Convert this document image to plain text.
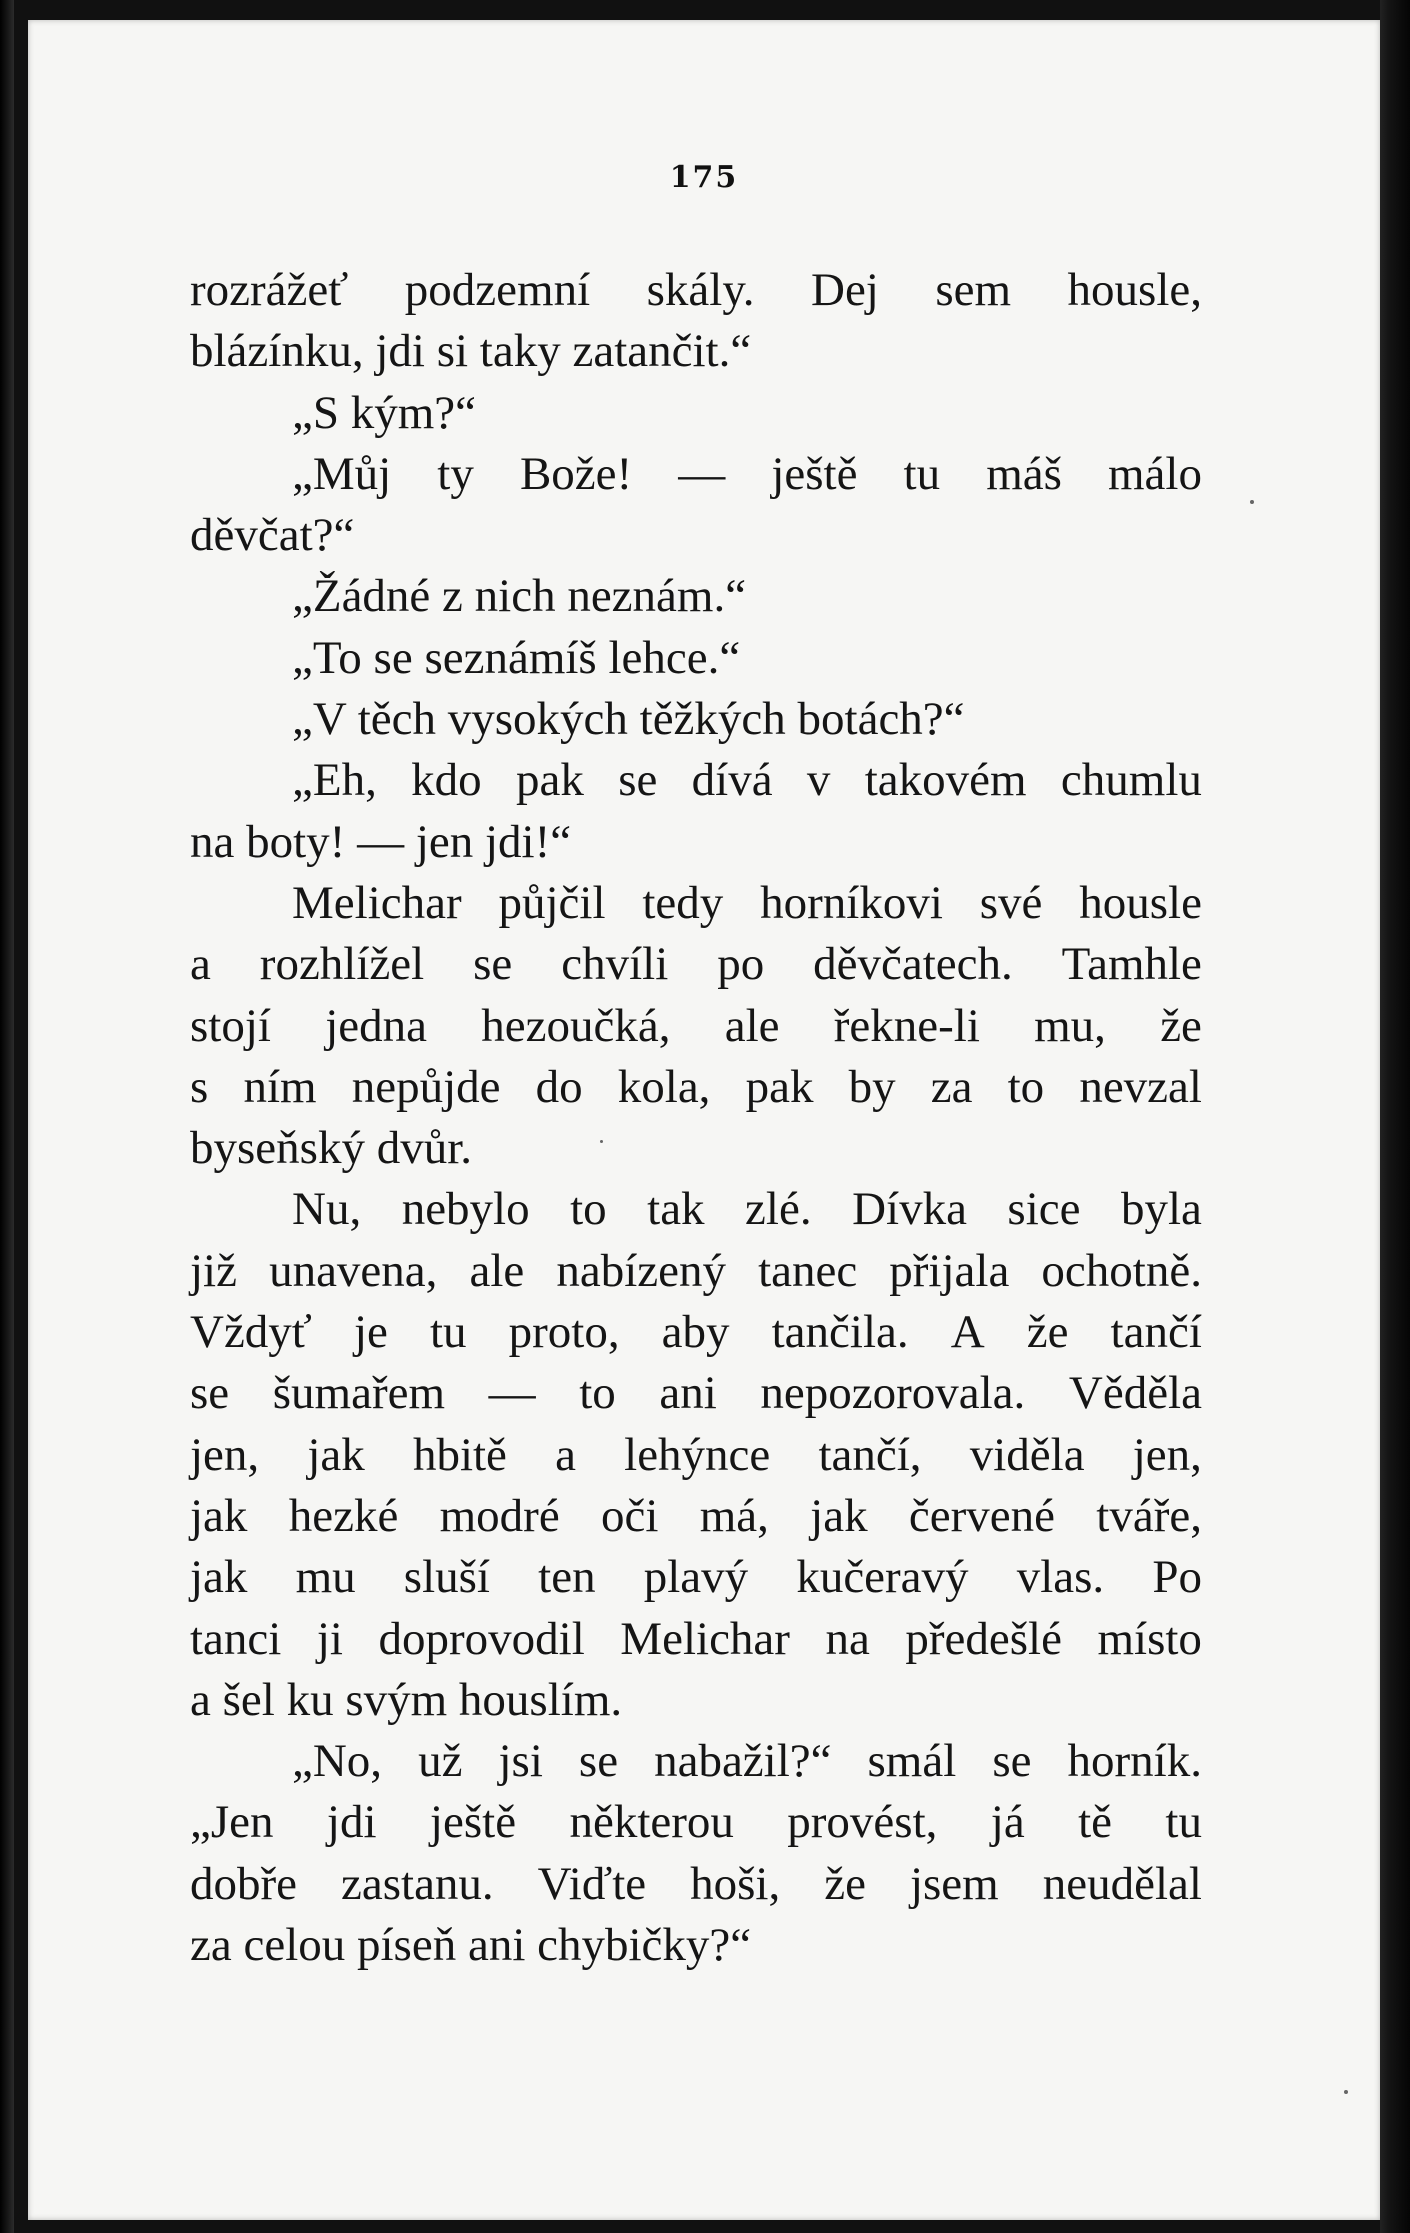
175
rozrážeť podzemní skály. Dej sem housle,
blázínku, jdi si taky zatančit.“
„S kým?“
„Můj ty Bože! — ještě tu máš málo
děvčat?“
„Žádné z nich neznám.“
„To se seznámíš lehce.“
„V těch vysokých těžkých botách?“
„Eh, kdo pak se dívá v takovém chumlu
na boty! — jen jdi!“
Melichar půjčil tedy horníkovi své housle
a rozhlížel se chvíli po děvčatech. Tamhle
stojí jedna hezoučká, ale řekne-li mu, že
s ním nepůjde do kola, pak by za to nevzal
byseňský dvůr.
Nu, nebylo to tak zlé. Dívka sice byla
již unavena, ale nabízený tanec přijala ochotně.
Vždyť je tu proto, aby tančila. A že tančí
se šumařem — to ani nepozorovala. Věděla
jen, jak hbitě a lehýnce tančí, viděla jen,
jak hezké modré oči má, jak červené tváře,
jak mu sluší ten plavý kučeravý vlas. Po
tanci ji doprovodil Melichar na předešlé místo
a šel ku svým houslím.
„No, už jsi se nabažil?“ smál se horník.
„Jen jdi ještě některou provést, já tě tu
dobře zastanu. Viďte hoši, že jsem neudělal
za celou píseň ani chybičky?“
